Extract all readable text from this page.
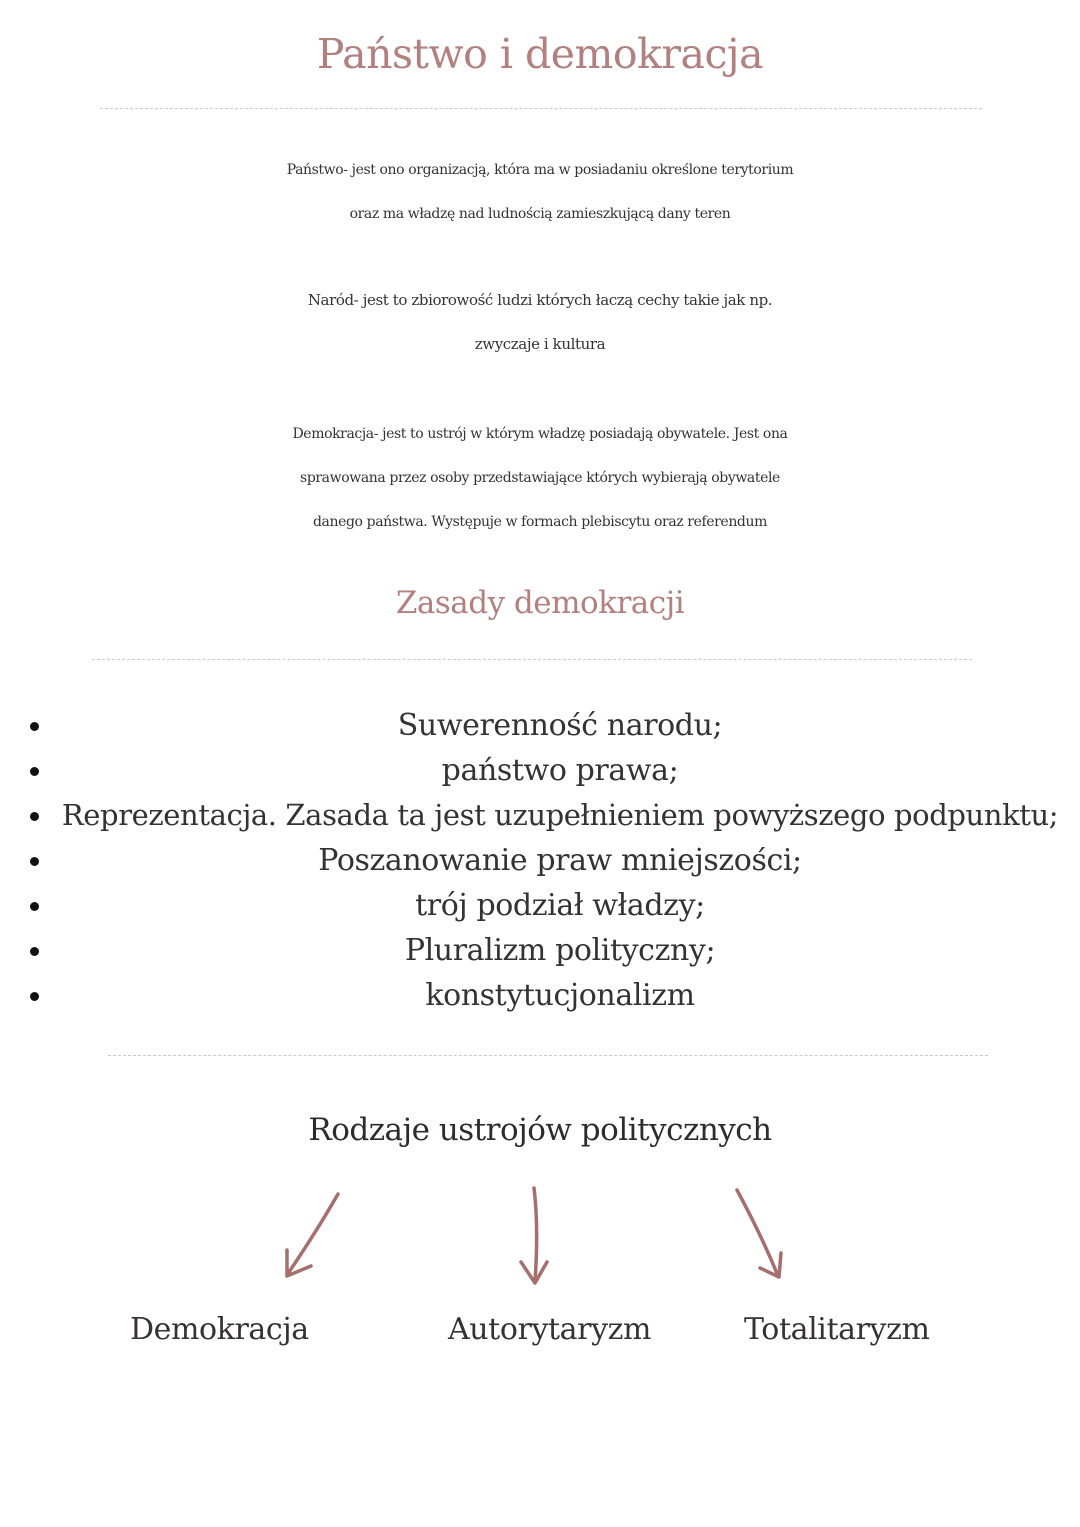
Państwo i demokracja

Państwo- jest ono organizacją, która ma w posiadaniu określone terytorium
oraz ma władzę nad ludnością zamieszkującą dany teren

Naród- jest to zbiorowość ludzi których łaczą cechy takie jak np.
zwyczaje i kultura

Demokracja- jest to ustrój w którym władzę posiadają obywatele. Jest ona
sprawowana przez osoby przedstawiające których wybierają obywatele
danego państwa. Występuje w formach plebiscytu oraz referendum

Zasady demokracji
Suwerenność narodu;
państwo prawa;
Reprezentacja. Zasada ta jest uzupełnieniem powyższego podpunktu;
Poszanowanie praw mniejszości;
trój podział władzy;
Pluralizm polityczny;
konstytucjonalizm
Rodzaje ustrojów politycznych
Demokracja	Autorytaryzm	Totalitaryzm
